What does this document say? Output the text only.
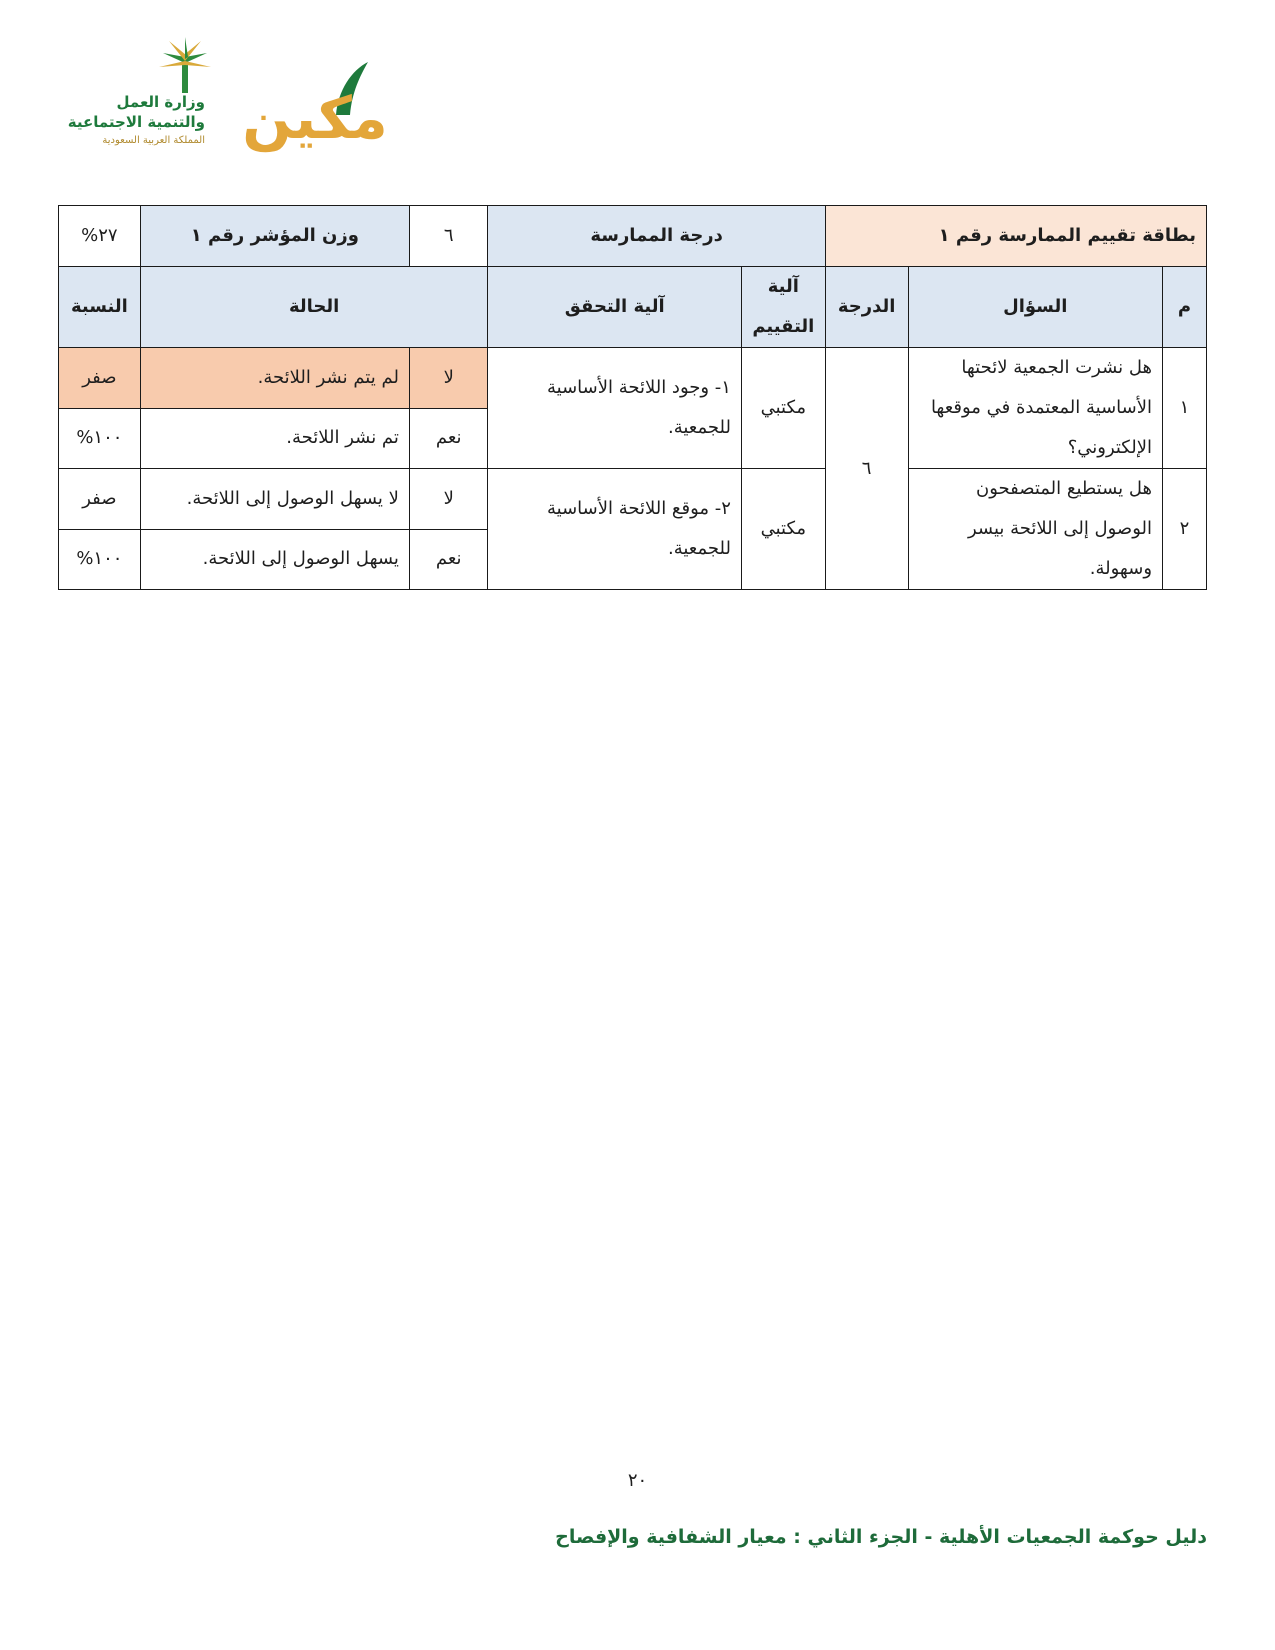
وزارة العمل
والتنمية الاجتماعية
المملكة العربية السعودية مكين
بطاقة تقييم الممارسة رقم ١			درجة الممارسة		٦	وزن المؤشر رقم ١	٢٧%
م	السؤال	الدرجة	آلية التقييم	آلية التحقق	الحالة		النسبة
١	هل نشرت الجمعية لائحتها الأساسية المعتمدة في موقعها الإلكتروني؟	٦	مكتبي	١- وجود اللائحة الأساسية للجمعية.	لا	لم يتم نشر اللائحة.	صفر
					نعم	تم نشر اللائحة.	١٠٠%
٢	هل يستطيع المتصفحون الوصول إلى اللائحة بيسر وسهولة.		مكتبي	٢- موقع اللائحة الأساسية للجمعية.	لا	لا يسهل الوصول إلى اللائحة.	صفر
					نعم	يسهل الوصول إلى اللائحة.	١٠٠%
٢٠
دليل حوكمة الجمعيات الأهلية - الجزء الثاني : معيار الشفافية والإفصاح
